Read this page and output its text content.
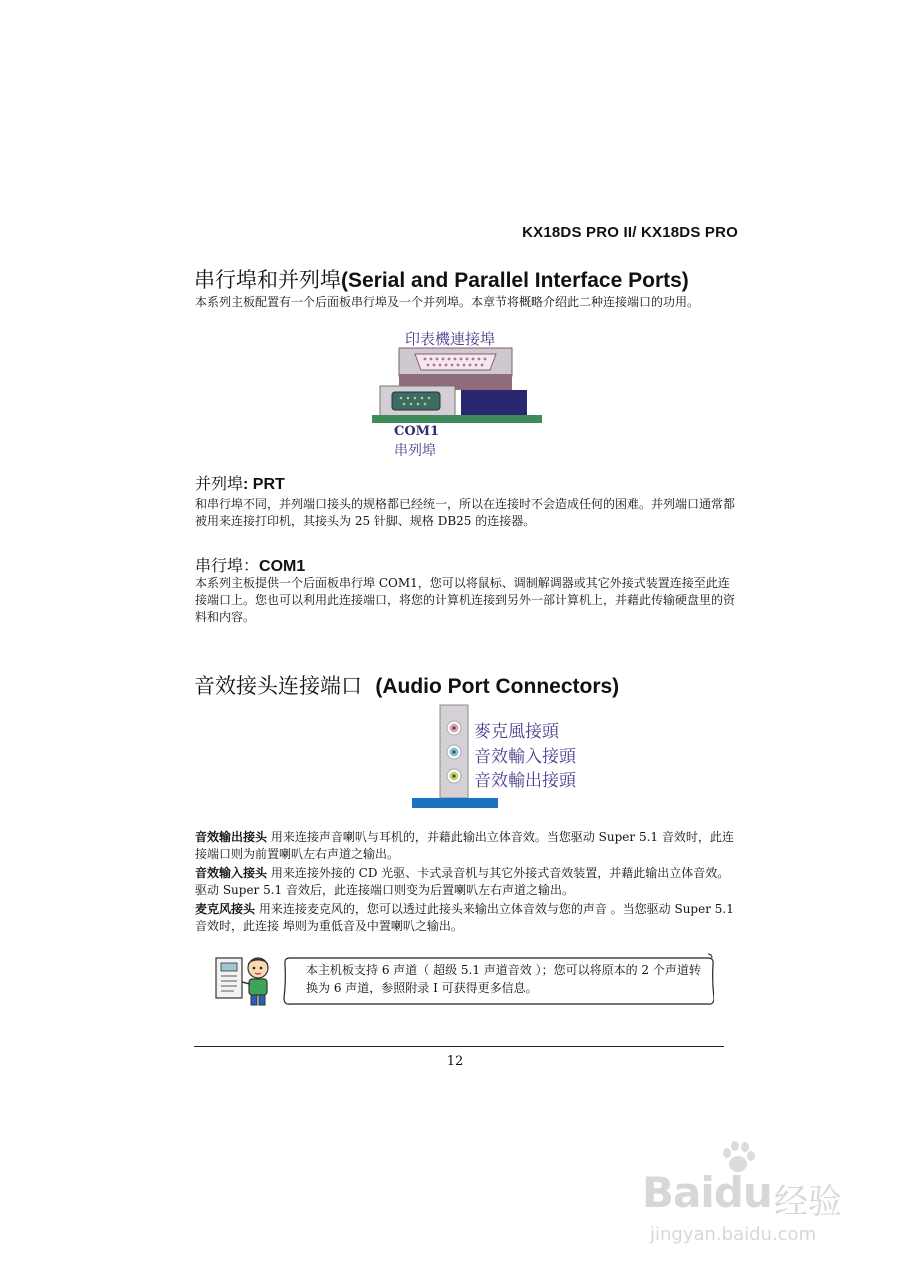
KX18DS PRO II/ KX18DS PRO
串行埠和并列埠(Serial and Parallel Interface Ports)
本系列主板配置有一个后面板串行埠及一个并列埠。本章节将概略介绍此二种连接端口的功用。
印表機連接埠
COM1
串列埠
并列埠: PRT
和串行埠不同，并列端口接头的规格都已经统一，所以在连接时不会造成任何的困难。并列端口通常都被用来连接打印机，其接头为 25 针脚、规格 DB25 的连接器。
串行埠：COM1
本系列主板提供一个后面板串行埠 COM1，您可以将鼠标、调制解调器或其它外接式装置连接至此连接端口上。您也可以利用此连接端口，将您的计算机连接到另外一部计算机上，并藉此传输硬盘里的资料和内容。
音效接头连接端口 (Audio Port Connectors)
麥克風接頭
音效輸入接頭
音效輸出接頭
音效输出接头 用来连接声音喇叭与耳机的，并藉此输出立体音效。当您驱动 Super 5.1 音效时，此连接端口则为前置喇叭左右声道之输出。
音效输入接头 用来连接外接的 CD 光驱、卡式录音机与其它外接式音效装置，并藉此输出立体音效。驱动 Super 5.1 音效后，此连接端口则变为后置喇叭左右声道之输出。
麦克风接头 用来连接麦克风的，您可以透过此接头来输出立体音效与您的声音 。当您驱动 Super 5.1 音效时，此连接 埠则为重低音及中置喇叭之输出。
本主机板支持 6 声道（ 超级 5.1 声道音效 ）；您可以将原本的 2 个声道转换为 6 声道，参照附录 I 可获得更多信息。
12
Baidu 经验
jingyan.baidu.com
